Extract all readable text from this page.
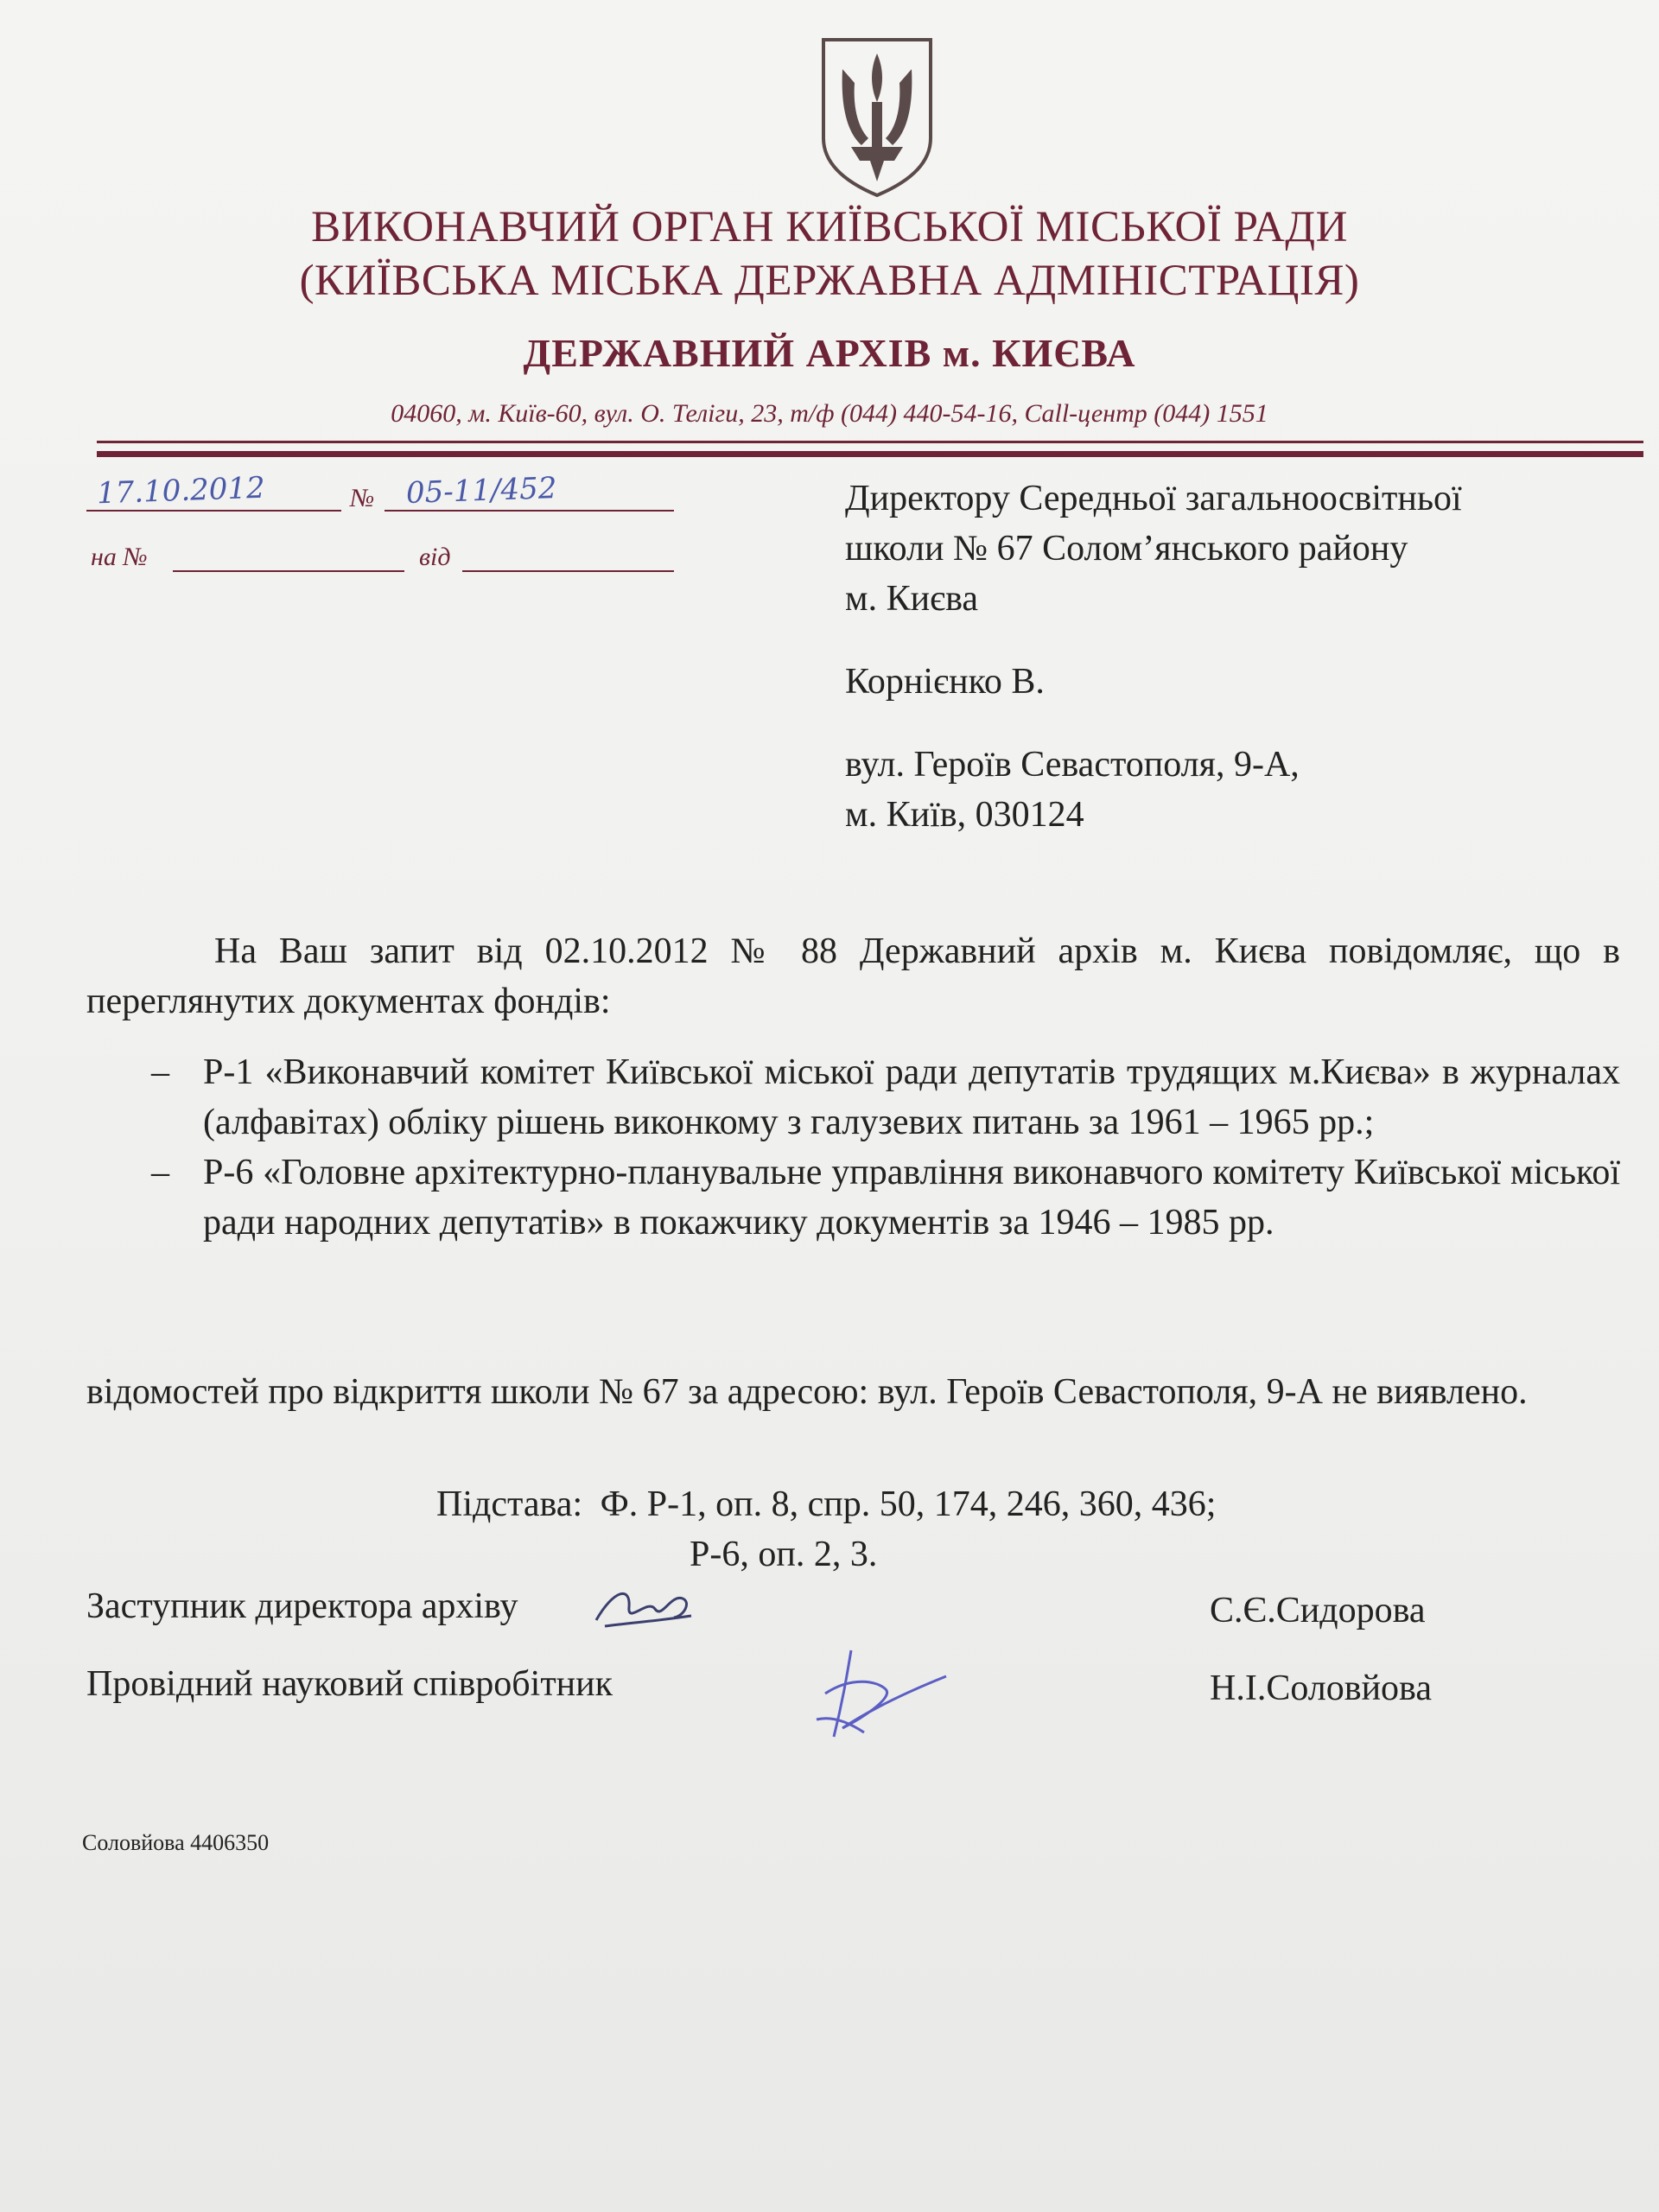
ВИКОНАВЧИЙ ОРГАН КИЇВСЬКОЇ МІСЬКОЇ РАДИ
(КИЇВСЬКА МІСЬКА ДЕРЖАВНА АДМІНІСТРАЦІЯ)
ДЕРЖАВНИЙ АРХІВ м. КИЄВА
04060, м. Київ-60, вул. О. Теліги, 23, т/ф (044) 440-54-16, Call-центр (044) 1551
17.10.2012	№ 05-11/452
на №	від
Директору Середньої загальноосвітньої
школи № 67 Солом’янського району
м. Києва
Корнієнко В.
вул. Героїв Севастополя, 9-А,
м. Київ, 030124
На Ваш запит від 02.10.2012 № 88 Державний архів м. Києва повідомляє, що в переглянутих документах фондів:
– Р-1 «Виконавчий комітет Київської міської ради депутатів трудящих м.Києва» в журналах (алфавітах) обліку рішень виконкому з галузевих питань за 1961 – 1965 рр.;
– Р-6 «Головне архітектурно-планувальне управління виконавчого комітету Київської міської ради народних депутатів» в покажчику документів за 1946 – 1985 рр.
відомостей про відкриття школи № 67 за адресою: вул. Героїв Севастополя, 9-А не виявлено.
Підстава: Ф. Р-1, оп. 8, спр. 50, 174, 246, 360, 436;
Р-6, оп. 2, 3.
Заступник директора архіву	С.Є.Сидорова
Провідний науковий співробітник	Н.І.Соловйова
Соловйова 4406350
